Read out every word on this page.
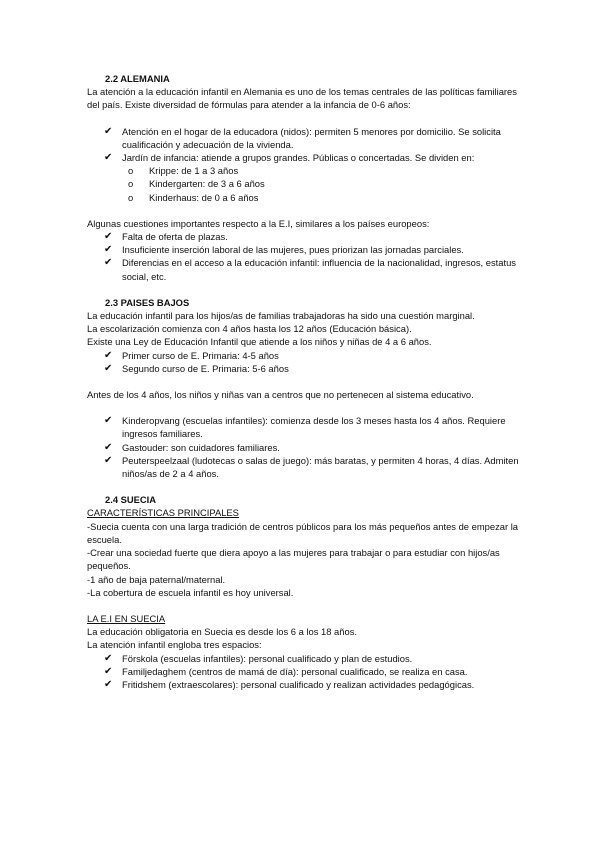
2.2 ALEMANIA

La atención a la educación infantil en Alemania es uno de los temas centrales de las políticas familiares del país. Existe diversidad de fórmulas para atender a la infancia de 0-6 años:

✔ Atención en el hogar de la educadora (nidos): permiten 5 menores por domicilio. Se solicita cualificación y adecuación de la vivienda.
✔ Jardín de infancia: atiende a grupos grandes. Públicas o concertadas. Se dividen en:
o Krippe: de 1 a 3 años
o Kindergarten: de 3 a 6 años
o Kinderhaus: de 0 a 6 años

Algunas cuestiones importantes respecto a la E.I, similares a los países europeos:

✔ Falta de oferta de plazas.
✔ Insuficiente inserción laboral de las mujeres, pues priorizan las jornadas parciales.
✔ Diferencias en el acceso a la educación infantil: influencia de la nacionalidad, ingresos, estatus social, etc.

2.3 PAISES BAJOS

La educación infantil para los hijos/as de familias trabajadoras ha sido una cuestión marginal.

La escolarización comienza con 4 años hasta los 12 años (Educación básica).

Existe una Ley de Educación Infantil que atiende a los niños y niñas de 4 a 6 años.

✔ Primer curso de E. Primaria: 4-5 años
✔ Segundo curso de E. Primaria: 5-6 años

Antes de los 4 años, los niños y niñas van a centros que no pertenecen al sistema educativo.

✔ Kinderopvang (escuelas infantiles): comienza desde los 3 meses hasta los 4 años. Requiere ingresos familiares.
✔ Gastouder: son cuidadores familiares.
✔ Peuterspeelzaal (ludotecas o salas de juego): más baratas, y permiten 4 horas, 4 días. Admiten niños/as de 2 a 4 años.

2.4 SUECIA

CARACTERÍSTICAS PRINCIPALES

-Suecia cuenta con una larga tradición de centros públicos para los más pequeños antes de empezar la escuela.

-Crear una sociedad fuerte que diera apoyo a las mujeres para trabajar o para estudiar con hijos/as pequeños.

-1 año de baja paternal/maternal.

-La cobertura de escuela infantil es hoy universal.

LA E.I EN SUECIA

La educación obligatoria en Suecia es desde los 6 a los 18 años.

La atención infantil engloba tres espacios:

✔ Förskola (escuelas infantiles): personal cualificado y plan de estudios.
✔ Familjedaghem (centros de mamá de día): personal cualificado, se realiza en casa.
✔ Fritidshem (extraescolares): personal cualificado y realizan actividades pedagógicas.
